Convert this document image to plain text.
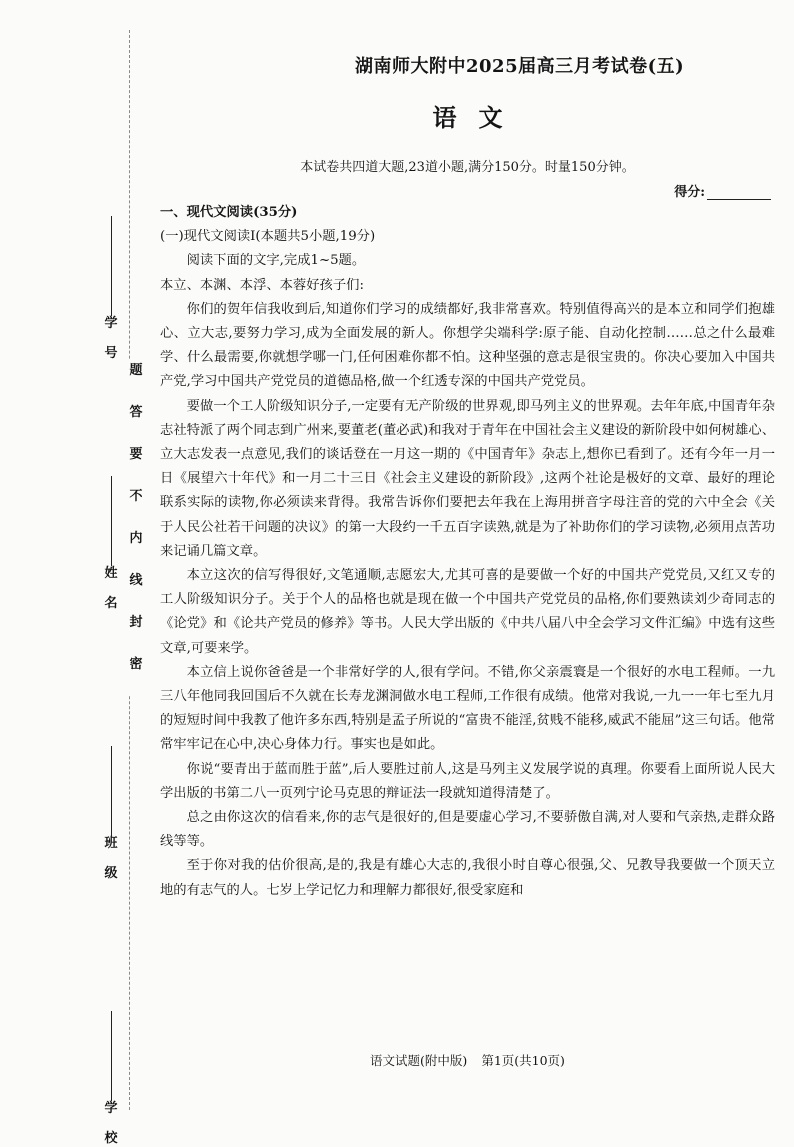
学
号
姓
名
班
级
学
校
题
答
要
不
内
线
封
密
湖南师大附中2025届高三月考试卷(五)
语文
本试卷共四道大题,23道小题,满分150分。时量150分钟。
得分:

一、现代文阅读(35分)

(一)现代文阅读Ⅰ(本题共5小题,19分)

阅读下面的文字,完成1~5题。

本立、本渊、本浮、本蓉好孩子们:

你们的贺年信我收到后,知道你们学习的成绩都好,我非常喜欢。特别值得高兴的是本立和同学们抱雄心、立大志,要努力学习,成为全面发展的新人。你想学尖端科学:原子能、自动化控制……总之什么最难学、什么最需要,你就想学哪一门,任何困难你都不怕。这种坚强的意志是很宝贵的。你决心要加入中国共产党,学习中国共产党党员的道德品格,做一个红透专深的中国共产党党员。

要做一个工人阶级知识分子,一定要有无产阶级的世界观,即马列主义的世界观。去年年底,中国青年杂志社特派了两个同志到广州来,要董老(董必武)和我对于青年在中国社会主义建设的新阶段中如何树雄心、立大志发表一点意见,我们的谈话登在一月这一期的《中国青年》杂志上,想你已看到了。还有今年一月一日《展望六十年代》和一月二十三日《社会主义建设的新阶段》,这两个社论是极好的文章、最好的理论联系实际的读物,你必须读来背得。我常告诉你们要把去年我在上海用拼音字母注音的党的六中全会《关于人民公社若干问题的决议》的第一大段约一千五百字读熟,就是为了补助你们的学习读物,必须用点苦功来记诵几篇文章。

本立这次的信写得很好,文笔通顺,志愿宏大,尤其可喜的是要做一个好的中国共产党党员,又红又专的工人阶级知识分子。关于个人的品格也就是现在做一个中国共产党党员的品格,你们要熟读刘少奇同志的《论党》和《论共产党员的修养》等书。人民大学出版的《中共八届八中全会学习文件汇编》中选有这些文章,可要来学。

本立信上说你爸爸是一个非常好学的人,很有学问。不错,你父亲震寰是一个很好的水电工程师。一九三八年他同我回国后不久就在长寿龙渊洞做水电工程师,工作很有成绩。他常对我说,一九一一年七至九月的短短时间中我教了他许多东西,特别是孟子所说的“富贵不能淫,贫贱不能移,威武不能屈”这三句话。他常常牢牢记在心中,决心身体力行。事实也是如此。

你说“要青出于蓝而胜于蓝”,后人要胜过前人,这是马列主义发展学说的真理。你要看上面所说人民大学出版的书第二八一页列宁论马克思的辩证法一段就知道得清楚了。

总之由你这次的信看来,你的志气是很好的,但是要虚心学习,不要骄傲自满,对人要和气亲热,走群众路线等等。

至于你对我的估价很高,是的,我是有雄心大志的,我很小时自尊心很强,父、兄教导我要做一个顶天立地的有志气的人。七岁上学记忆力和理解力都很好,很受家庭和

语文试题(附中版) 第1页(共10页)
